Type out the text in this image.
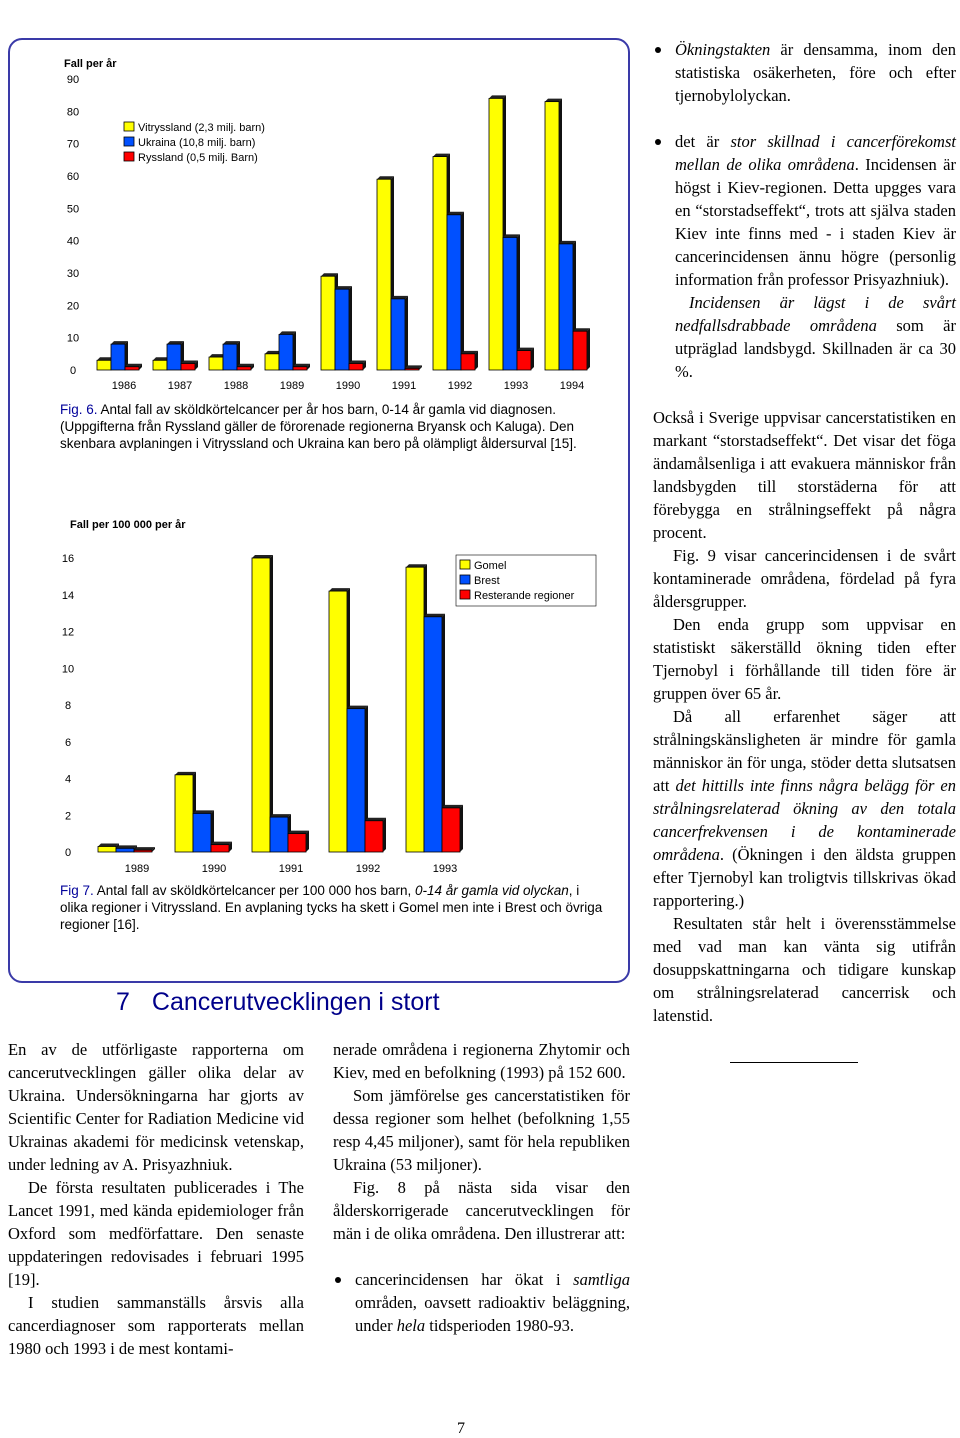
Fall per år
90
80
70
60
50
40
30
20
10
0
1986	1987	1988	1989	1990	1991	1992	1993	1994
Vitryssland (2,3 milj. barn)
Ukraina (10,8 milj. barn)
Ryssland (0,5 milj. Barn)
Fig. 6. Antal fall av sköldkörtelcancer per år hos barn, 0-14 år gamla vid diagnosen. (Uppgifterna från Ryssland gäller de förorenade regionerna Bryansk och Kaluga). Den skenbara avplaningen i Vitryssland och Ukraina kan bero på olämpligt åldersurval [15].
Fall per 100 000 per år
16
14
12
10
8
6
4
2
0
1989	1990	1991	1992	1993
Gomel
Brest
Resterande regioner
Fig 7. Antal fall av sköldkörtelcancer per 100 000 hos barn, 0-14 år gamla vid olyckan, i olika regioner i Vitryssland. En avplaning tycks ha skett i Gomel men inte i Brest och övriga regioner [16].
7 Cancerutvecklingen i stort

En av de utförligaste rapporterna om cancerutvecklingen gäller olika delar av Ukraina. Undersökningarna har gjorts av Scientific Center for Radiation Medicine vid Ukrainas akademi för medicinsk vetenskap, under ledning av A. Prisyazhniuk.

De första resultaten publicerades i The Lancet 1991, med kända epidemiologer från Oxford som medförfattare. Den senaste uppdateringen redovisades i februari 1995 [19].

I studien sammanställs årsvis alla cancerdiagnoser som rapporterats mellan 1980 och 1993 i de mest kontami-

nerade områdena i regionerna Zhytomir och Kiev, med en befolkning (1993) på 152 600.

Som jämförelse ges cancerstatistiken för dessa regioner som helhet (befolkning 1,55 resp 4,45 miljoner), samt för hela republiken Ukraina (53 miljoner).

Fig. 8 på nästa sida visar den ålderskorrigerade cancerutvecklingen för män i de olika områdena. Den illustrerar att:

cancerincidensen har ökat i samtliga områden, oavsett radioaktiv beläggning, under hela tidsperioden 1980-93.

Ökningstakten är densamma, inom den statistiska osäkerheten, före och efter tjernobylolyckan.

det är stor skillnad i cancerförekomst mellan de olika områdena. Incidensen är högst i Kiev-regionen. Detta upgges vara en “storstadseffekt“, trots att själva staden Kiev inte finns med - i staden Kiev är cancerincidensen ännu högre (personlig information från professor Prisyazhniuk).

Incidensen är lägst i de svårt nedfallsdrabbade områdena som är utpräglad landsbygd. Skillnaden är ca 30 %.

Också i Sverige uppvisar cancerstatistiken en markant “storstadseffekt“. Det visar det föga ändamålsenliga i att evakuera människor från landsbygden till storstäderna för att förebygga en strålningseffekt på några procent.

Fig. 9 visar cancerincidensen i de svårt kontaminerade områdena, fördelad på fyra åldersgrupper.

Den enda grupp som uppvisar en statistiskt säkerställd ökning tiden efter Tjernobyl i förhållande till tiden före är gruppen över 65 år.

Då all erfarenhet säger att strålningskänsligheten är mindre för gamla människor än för unga, stöder detta slutsatsen att det hittills inte finns några belägg för en strålningsrelaterad ökning av den totala cancerfrekvensen i de kontaminerade områdena. (Ökningen i den äldsta gruppen efter Tjernobyl kan troligtvis tillskrivas ökad rapportering.)

Resultaten står helt i överensstämmelse med vad man kan vänta sig utifrån dosuppskattningarna och tidigare kunskap om strålningsrelaterad cancerrisk och latenstid.

7
